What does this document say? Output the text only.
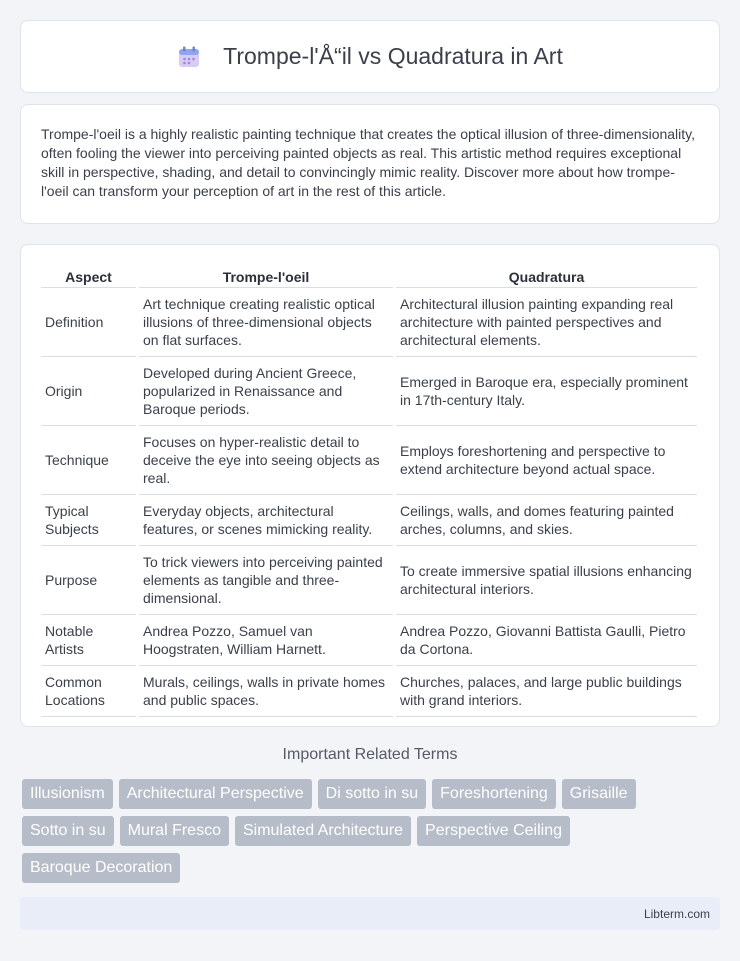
Trompe-l'Å“il vs Quadratura in Art

Trompe-l'oeil is a highly realistic painting technique that creates the optical illusion of three-dimensionality, often fooling the viewer into perceiving painted objects as real. This artistic method requires exceptional skill in perspective, shading, and detail to convincingly mimic reality. Discover more about how trompe-l'oeil can transform your perception of art in the rest of this article.

Aspect	Trompe-l'oeil	Quadratura
Definition	Art technique creating realistic optical illusions of three-dimensional objects on flat surfaces.	Architectural illusion painting expanding real architecture with painted perspectives and architectural elements.
Origin	Developed during Ancient Greece, popularized in Renaissance and Baroque periods.	Emerged in Baroque era, especially prominent in 17th-century Italy.
Technique	Focuses on hyper-realistic detail to deceive the eye into seeing objects as real.	Employs foreshortening and perspective to extend architecture beyond actual space.
Typical Subjects	Everyday objects, architectural features, or scenes mimicking reality.	Ceilings, walls, and domes featuring painted arches, columns, and skies.
Purpose	To trick viewers into perceiving painted elements as tangible and three-dimensional.	To create immersive spatial illusions enhancing architectural interiors.
Notable Artists	Andrea Pozzo, Samuel van Hoogstraten, William Harnett.	Andrea Pozzo, Giovanni Battista Gaulli, Pietro da Cortona.
Common Locations	Murals, ceilings, walls in private homes and public spaces.	Churches, palaces, and large public buildings with grand interiors.
Important Related Terms
Illusionism	Architectural Perspective	Di sotto in su	Foreshortening	Grisaille
Sotto in su	Mural Fresco	Simulated Architecture	Perspective Ceiling
Baroque Decoration
Libterm.com
